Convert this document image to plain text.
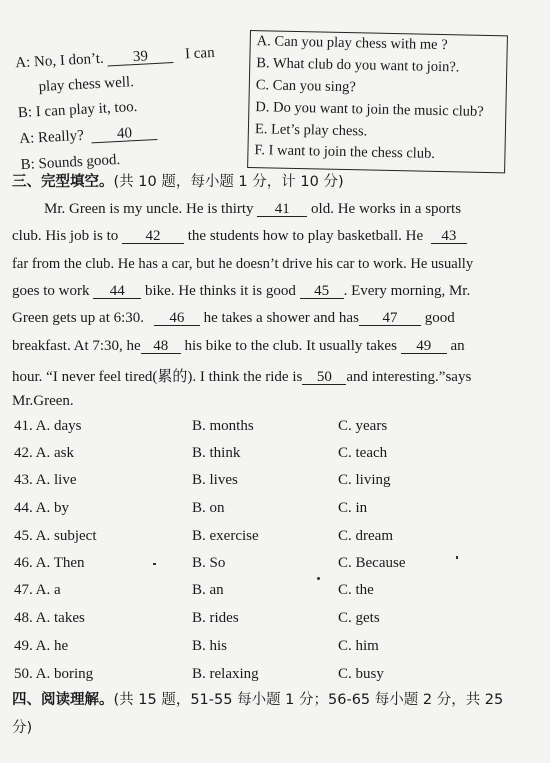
A: No, I don’t. 39 I can
play chess well.
B: I can play it, too.
A: Really? 40
B: Sounds good.
A. Can you play chess with me ?
B. What club do you want to join?.
C. Can you sing?
D. Do you want to join the music club?
E. Let’s play chess.
F. I want to join the chess club.
三、完型填空。(共 10 题，每小题 1 分，计 10 分)
Mr. Green is my uncle. He is thirty 41 old. He works in a sports
club. His job is to 42 the students how to play basketball. He 43
far from the club. He has a car, but he doesn’t drive his car to work. He usually
goes to work 44 bike. He thinks it is good 45 . Every morning, Mr.
Green gets up at 6:30. 46 he takes a shower and has 47 good
breakfast. At 7:30, he 48 his bike to the club. It usually takes 49 an
hour. “I never feel tired(累的). I think the ride is 50 and interesting.”says
Mr.Green.
41. A. days	B. months	C. years
42. A. ask	B. think	C. teach
43. A. live	B. lives	C. living
44. A. by	B. on	C. in
45. A. subject	B. exercise	C. dream
46. A. Then	B. So	C. Because
47. A. a	B. an	C. the
48. A. takes	B. rides	C. gets
49. A. he	B. his	C. him
50. A. boring	B. relaxing	C. busy
四、阅读理解。(共 15 题，51-55 每小题 1 分；56-65 每小题 2 分，共 25
分)
